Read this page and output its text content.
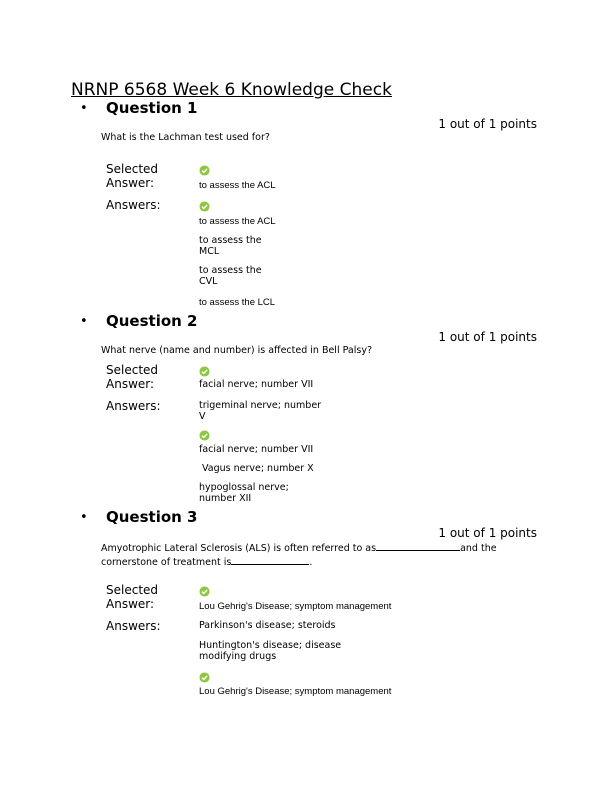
NRNP 6568 Week 6 Knowledge Check
• Question 1
1 out of 1 points
What is the Lachman test used for?
Selected
Answer:	to assess the ACL
Answers:
to assess the ACL
to assess the MCL
to assess the CVL
to assess the LCL
• Question 2
1 out of 1 points
What nerve (name and number) is affected in Bell Palsy?
Selected
Answer:	facial nerve; number VII
Answers:	trigeminal nerve; number V
facial nerve; number VII
Vagus nerve; number X
hypoglossal nerve; number XII
• Question 3
1 out of 1 points
Amyotrophic Lateral Sclerosis (ALS) is often referred to as	and the
cornerstone of treatment is	.
Selected
Answer:	Lou Gehrig's Disease; symptom management
Answers:	Parkinson's disease; steroids
Huntington's disease; disease modifying drugs
Lou Gehrig's Disease; symptom management
